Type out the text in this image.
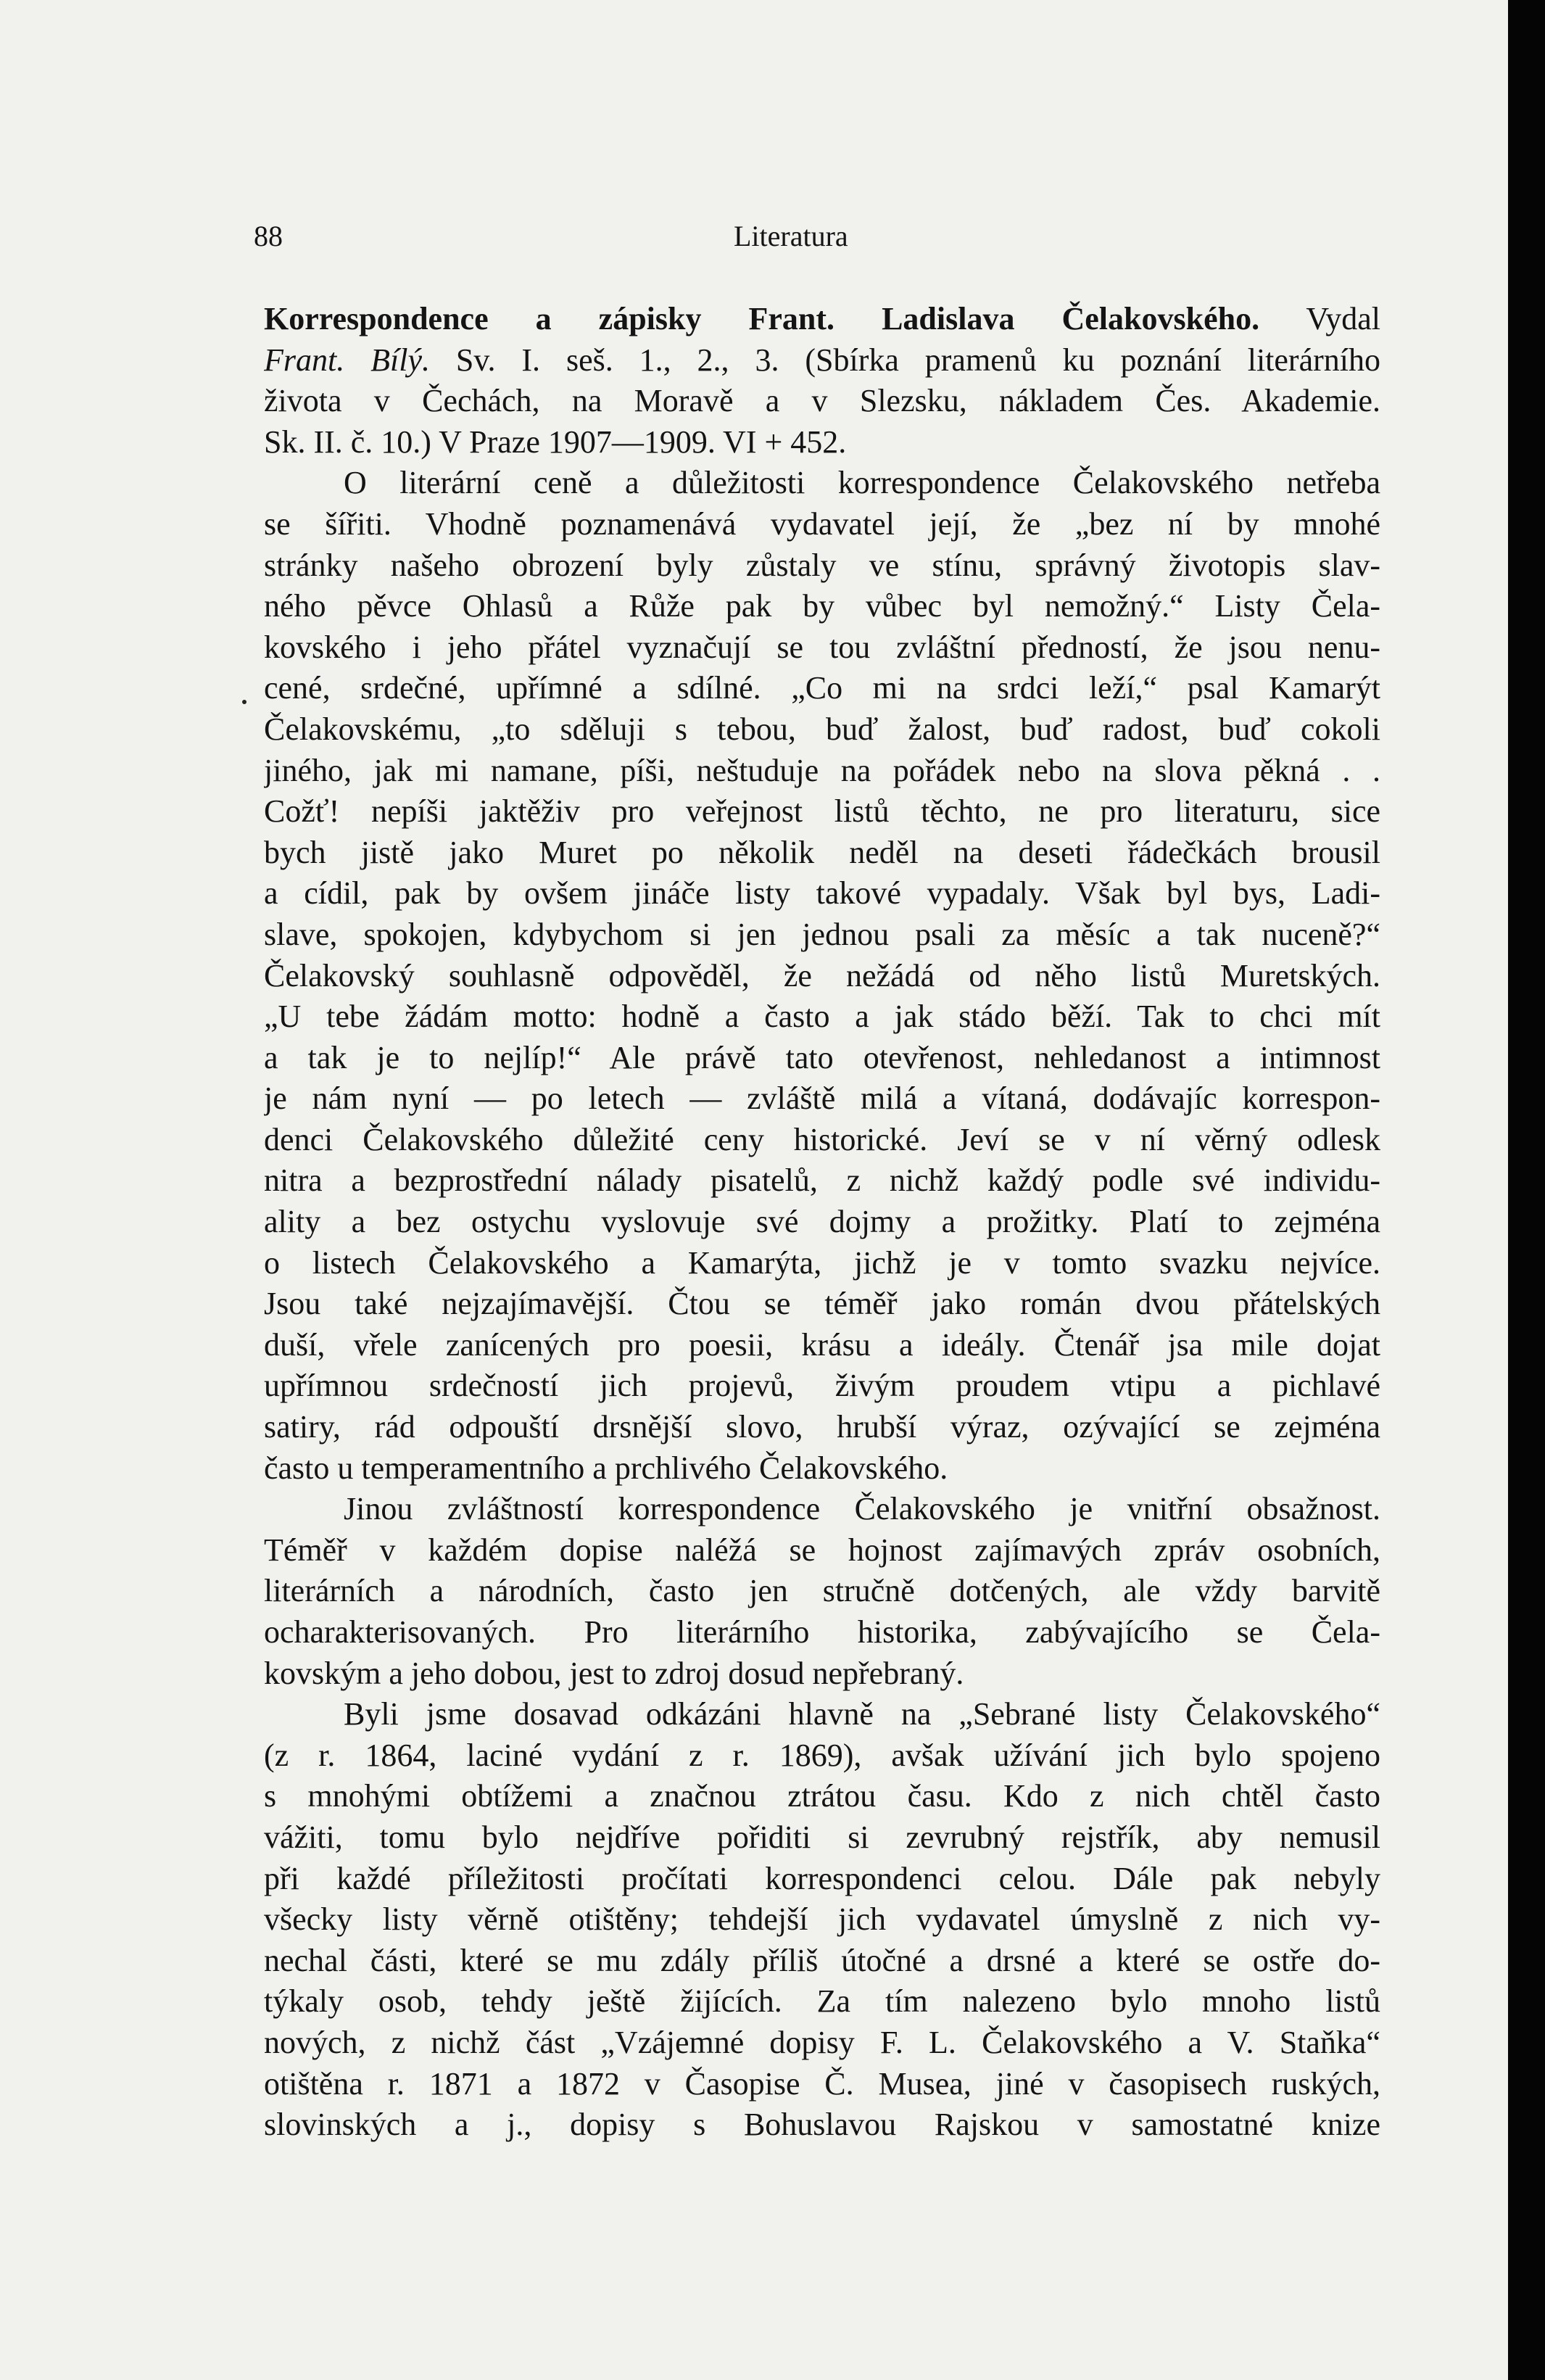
88	Literatura
Korrespondence a zápisky Frant. Ladislava Čelakovského. Vydal
Frant. Bílý. Sv. I. seš. 1., 2., 3. (Sbírka pramenů ku poznání literárního
života v Čechách, na Moravě a v Slezsku, nákladem Čes. Akademie.
Sk. II. č. 10.) V Praze 1907—1909. VI + 452.
O literární ceně a důležitosti korrespondence Čelakovského netřeba
se šířiti. Vhodně poznamenává vydavatel její, že „bez ní by mnohé
stránky našeho obrození byly zůstaly ve stínu, správný životopis slav-
ného pěvce Ohlasů a Růže pak by vůbec byl nemožný.“ Listy Čela-
kovského i jeho přátel vyznačují se tou zvláštní předností, že jsou nenu-
cené, srdečné, upřímné a sdílné. „Co mi na srdci leží,“ psal Kamarýt
Čelakovskému, „to sděluji s tebou, buď žalost, buď radost, buď cokoli
jiného, jak mi namane, píši, neštuduje na pořádek nebo na slova pěkná . .
Cožť! nepíši jaktěživ pro veřejnost listů těchto, ne pro literaturu, sice
bych jistě jako Muret po několik neděl na deseti řádečkách brousil
a cídil, pak by ovšem jináče listy takové vypadaly. Však byl bys, Ladi-
slave, spokojen, kdybychom si jen jednou psali za měsíc a tak nuceně?“
Čelakovský souhlasně odpověděl, že nežádá od něho listů Muretských.
„U tebe žádám motto: hodně a často a jak stádo běží. Tak to chci mít
a tak je to nejlíp!“ Ale právě tato otevřenost, nehledanost a intimnost
je nám nyní — po letech — zvláště milá a vítaná, dodávajíc korrespon-
denci Čelakovského důležité ceny historické. Jeví se v ní věrný odlesk
nitra a bezprostřední nálady pisatelů, z nichž každý podle své individu-
ality a bez ostychu vyslovuje své dojmy a prožitky. Platí to zejména
o listech Čelakovského a Kamarýta, jichž je v tomto svazku nejvíce.
Jsou také nejzajímavější. Čtou se téměř jako román dvou přátelských
duší, vřele zanícených pro poesii, krásu a ideály. Čtenář jsa mile dojat
upřímnou srdečností jich projevů, živým proudem vtipu a pichlavé
satiry, rád odpouští drsnější slovo, hrubší výraz, ozývající se zejména
často u temperamentního a prchlivého Čelakovského.
Jinou zvláštností korrespondence Čelakovského je vnitřní obsažnost.
Téměř v každém dopise naléžá se hojnost zajímavých zpráv osobních,
literárních a národních, často jen stručně dotčených, ale vždy barvitě
ocharakterisovaných. Pro literárního historika, zabývajícího se Čela-
kovským a jeho dobou, jest to zdroj dosud nepřebraný.
Byli jsme dosavad odkázáni hlavně na „Sebrané listy Čelakovského“
(z r. 1864, laciné vydání z r. 1869), avšak užívání jich bylo spojeno
s mnohými obtížemi a značnou ztrátou času. Kdo z nich chtěl často
vážiti, tomu bylo nejdříve pořiditi si zevrubný rejstřík, aby nemusil
při každé příležitosti pročítati korrespondenci celou. Dále pak nebyly
všecky listy věrně otištěny; tehdejší jich vydavatel úmyslně z nich vy-
nechal části, které se mu zdály příliš útočné a drsné a které se ostře do-
týkaly osob, tehdy ještě žijících. Za tím nalezeno bylo mnoho listů
nových, z nichž část „Vzájemné dopisy F. L. Čelakovského a V. Staňka“
otištěna r. 1871 a 1872 v Časopise Č. Musea, jiné v časopisech ruských,
slovinských a j., dopisy s Bohuslavou Rajskou v samostatné knize
